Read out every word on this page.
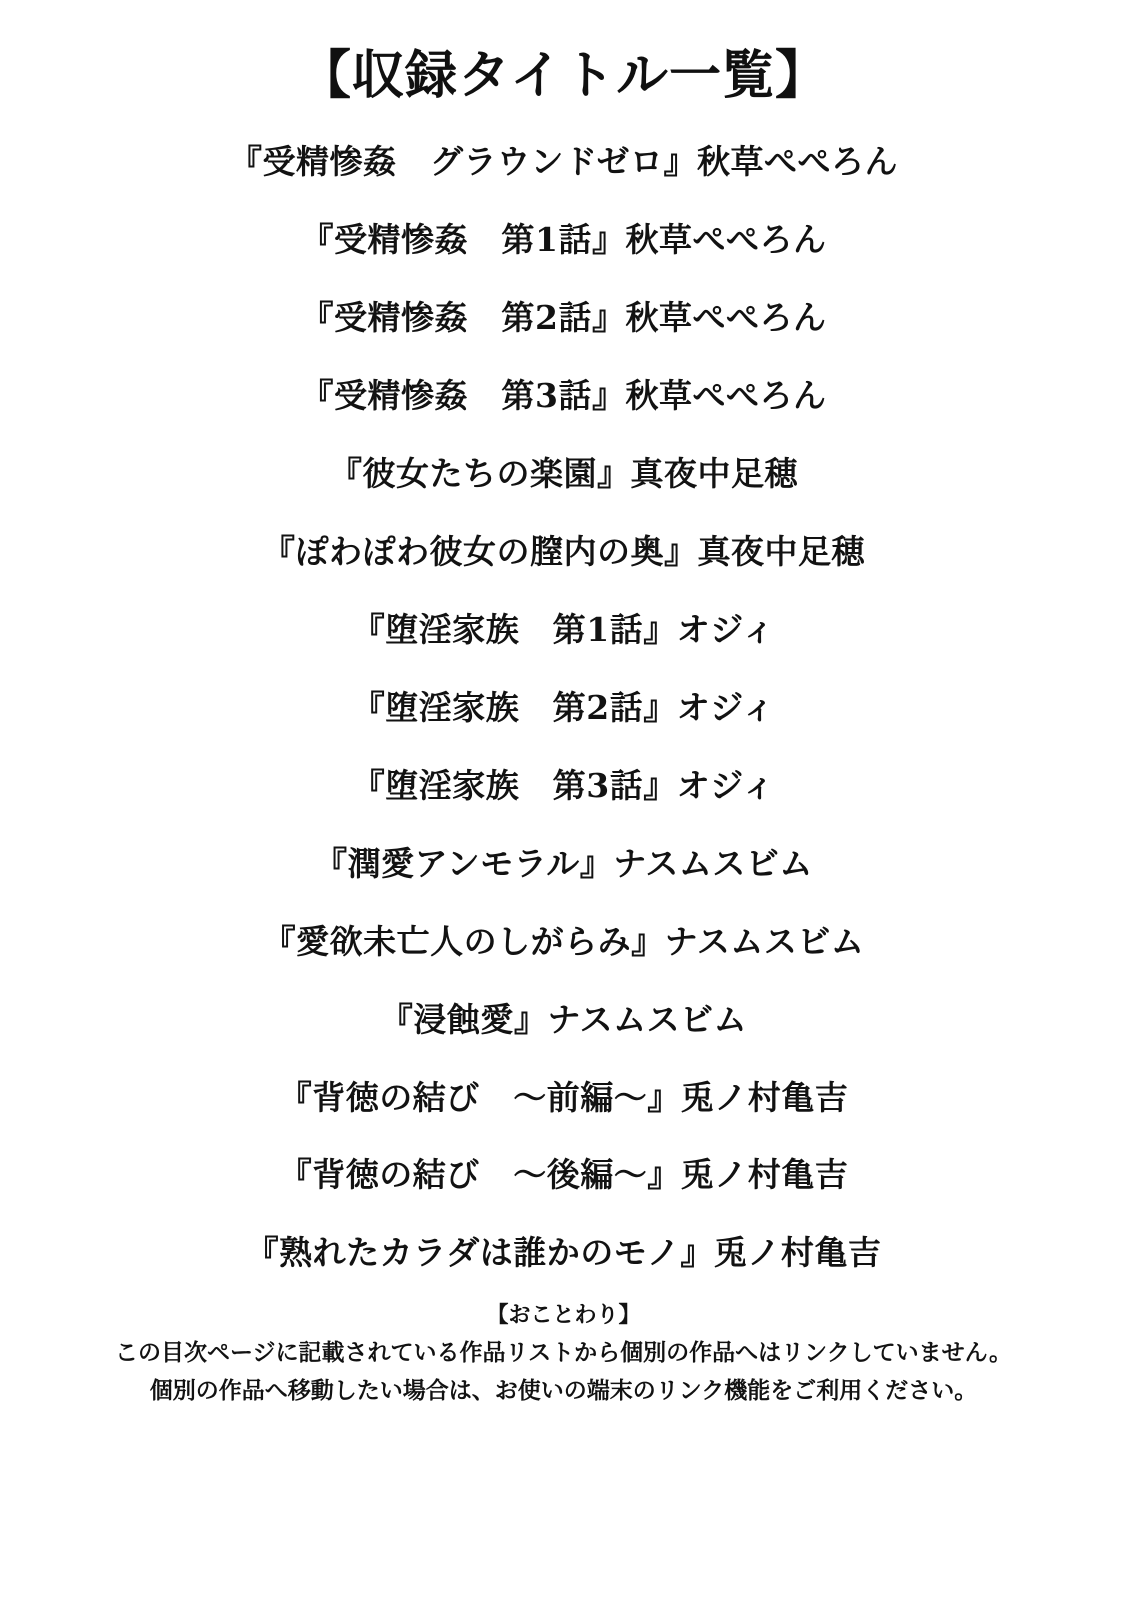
【収録タイトル一覧】
『受精惨姦　グラウンドゼロ』秋草ぺぺろん
『受精惨姦　第1話』秋草ぺぺろん
『受精惨姦　第2話』秋草ぺぺろん
『受精惨姦　第3話』秋草ぺぺろん
『彼女たちの楽園』真夜中足穂
『ぽわぽわ彼女の膣内の奥』真夜中足穂
『堕淫家族　第1話』オジィ
『堕淫家族　第2話』オジィ
『堕淫家族　第3話』オジィ
『潤愛アンモラル』ナスムスビム
『愛欲未亡人のしがらみ』ナスムスビム
『浸蝕愛』ナスムスビム
『背徳の結び　〜前編〜』兎ノ村亀吉
『背徳の結び　〜後編〜』兎ノ村亀吉
『熟れたカラダは誰かのモノ』兎ノ村亀吉
【おことわり】
この目次ページに記載されている作品リストから個別の作品へはリンクしていません。
個別の作品へ移動したい場合は、お使いの端末のリンク機能をご利用ください。
